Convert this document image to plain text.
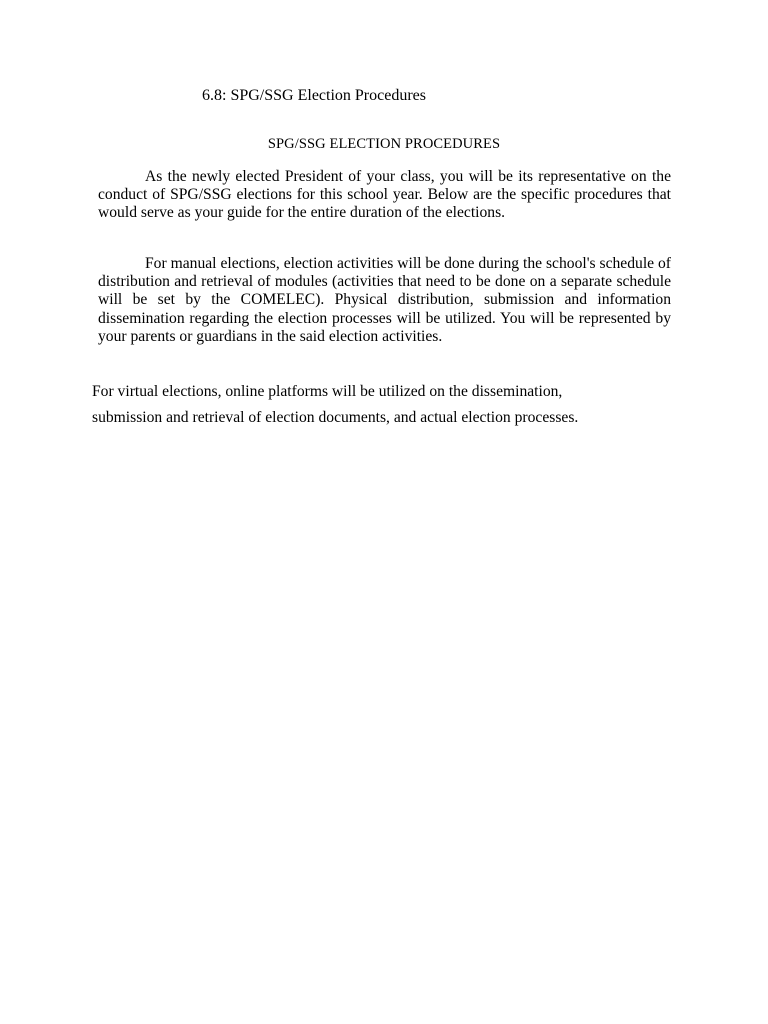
6.8: SPG/SSG Election Procedures
SPG/SSG ELECTION PROCEDURES
As the newly elected President of your class, you will be its representative on the conduct of SPG/SSG elections for this school year. Below are the specific procedures that would serve as your guide for the entire duration of the elections.
For manual elections, election activities will be done during the school's schedule of distribution and retrieval of modules (activities that need to be done on a separate schedule will be set by the COMELEC). Physical distribution, submission and information dissemination regarding the election processes will be utilized. You will be represented by your parents or guardians in the said election activities.
For virtual elections, online platforms will be utilized on the dissemination,
submission and retrieval of election documents, and actual election processes.
